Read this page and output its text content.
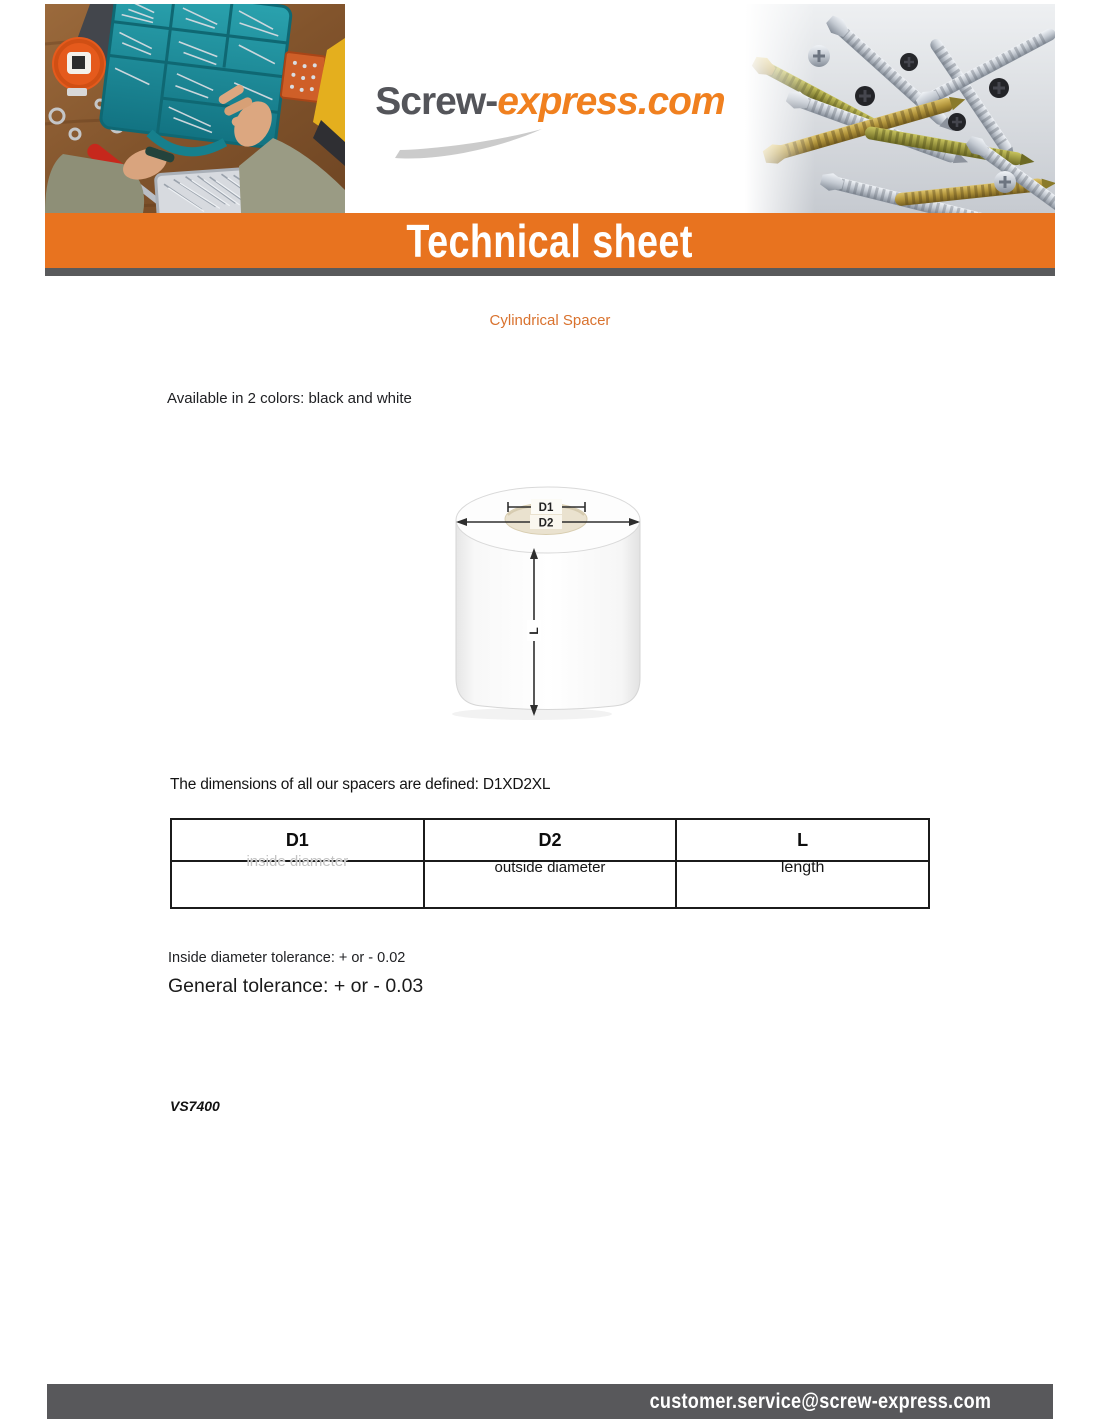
Screw-express.com
Technical sheet
Cylindrical Spacer
Available in 2 colors: black and white
D1
D2
L
The dimensions of all our spacers are defined: D1XD2XL
D1	D2	L
inside diameter	outside diameter	length
Inside diameter tolerance: + or - 0.02
General tolerance: + or - 0.03
VS7400
customer.service@screw-express.com
